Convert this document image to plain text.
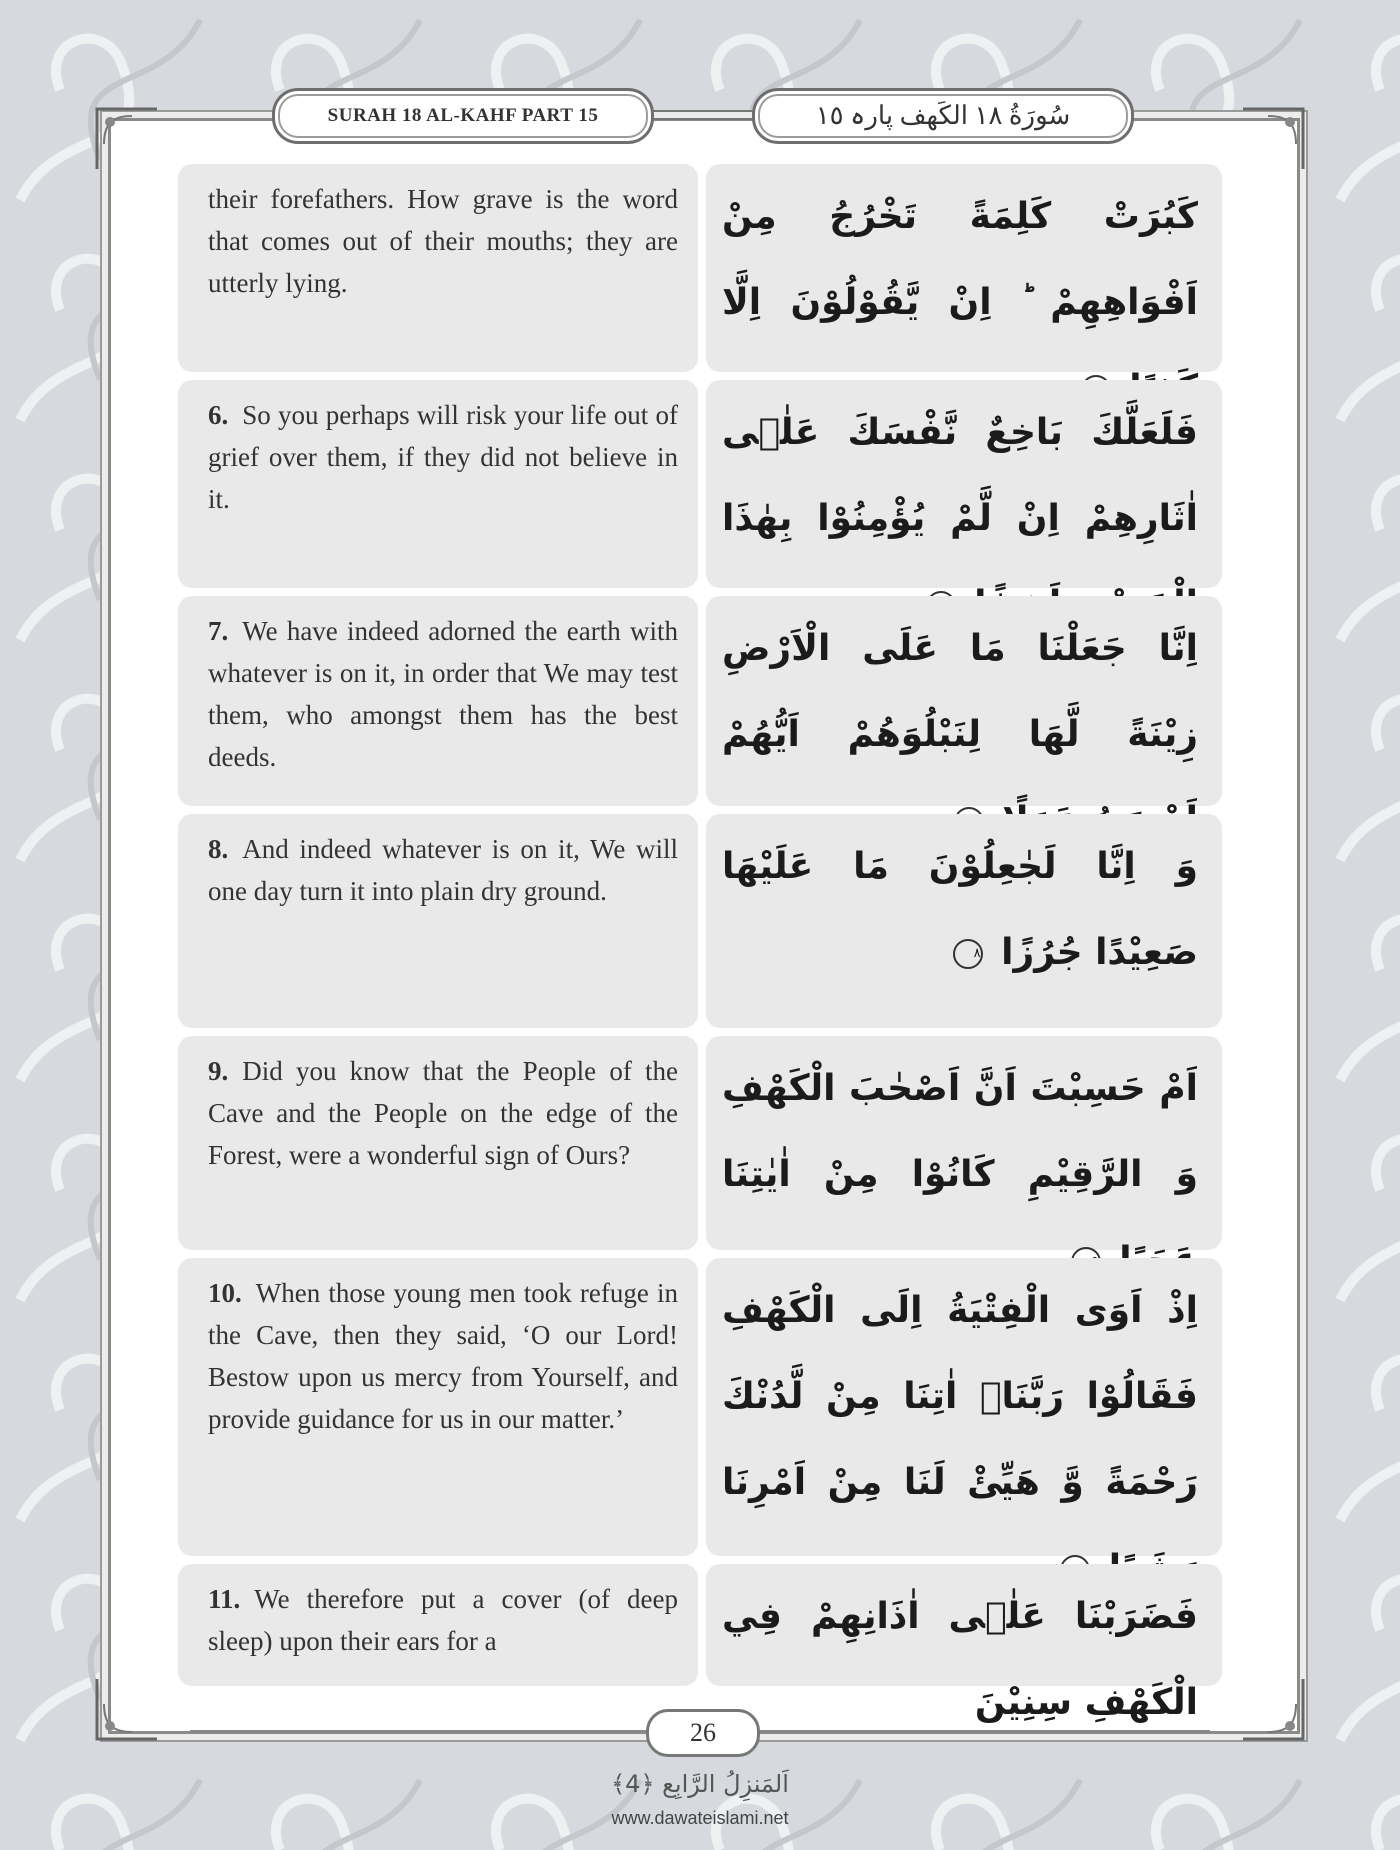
SURAH 18 AL-KAHF PART 15	سُورَةُ ١٨ الكَهف پارہ ١٥
their forefathers. How grave is the word that comes out of their mouths; they are utterly lying.
كَبُرَتْ كَلِمَةً تَخْرُجُ مِنْ اَفْوَاهِهِمْ ؕ اِنْ يَّقُوْلُوْنَ اِلَّا
6. So you perhaps will risk your life out of grief over them, if they did not believe in it.
فَلَعَلَّكَ بَاخِعٌ نَّفْسَكَ عَلٰۤى اٰثَارِهِمْ اِنْ لَّمْ يُؤْمِنُوْا بِهٰذَا
7. We have indeed adorned the earth with whatever is on it, in order that We may test them, who amongst them has the best deeds.
اِنَّا جَعَلْنَا مَا عَلَى الْاَرْضِ زِيْنَةً لَّهَا لِنَبْلُوَهُمْ اَيُّهُمْ
8. And indeed whatever is on it, We will one day turn it into plain dry ground.
وَ اِنَّا لَجٰعِلُوْنَ مَا عَلَيْهَا صَعِيْدًا جُرُزًا ٨
9. Did you know that the People of the Cave and the People on the edge of the Forest, were a wonderful sign of Ours?
اَمْ حَسِبْتَ اَنَّ اَصْحٰبَ الْكَهْفِ وَ الرَّقِيْمِ كَانُوْا مِنْ اٰيٰتِنَا
10. When those young men took refuge in the Cave, then they said, ‘O our Lord! Bestow upon us mercy from Yourself, and provide guidance for us in our matter.’
اِذْ اَوَى الْفِتْيَةُ اِلَى الْكَهْفِ فَقَالُوْا رَبَّنَاۤ اٰتِنَا مِنْ لَّدُنْكَ رَحْمَةً وَّ هَيِّئْ لَنَا مِنْ اَمْرِنَا
11. We therefore put a cover (of deep sleep) upon their ears for a
فَضَرَبْنَا عَلٰۤى اٰذَانِهِمْ فِي الْكَهْفِ سِنِيْنَ
26
اَلمَنزِلُ الرَّابِع ﴿4﴾
www.dawateislami.net
